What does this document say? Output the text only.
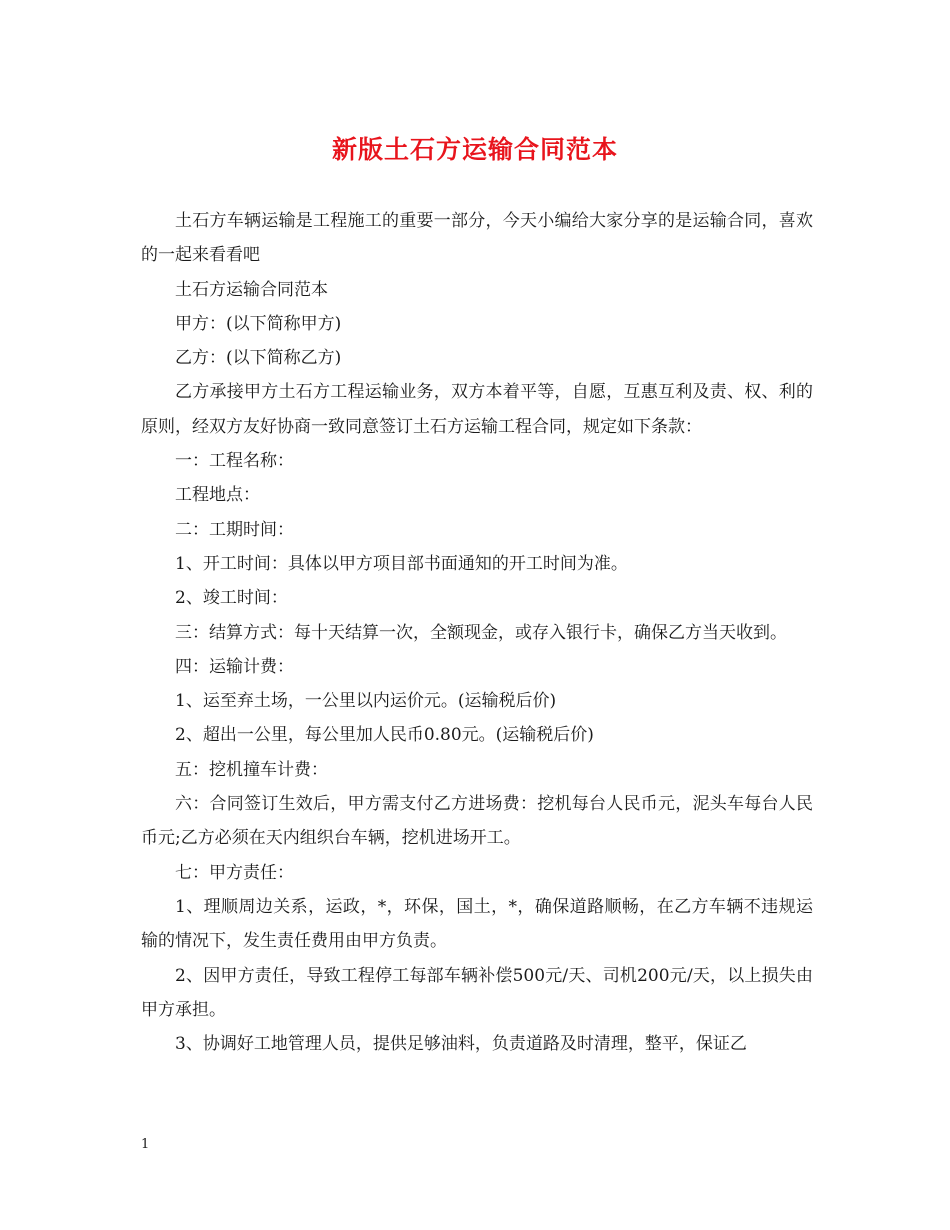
新版土石方运输合同范本

土石方车辆运输是工程施工的重要一部分，今天小编给大家分享的是运输合同，喜欢的一起来看看吧

土石方运输合同范本

甲方：(以下简称甲方)

乙方：(以下简称乙方)

乙方承接甲方土石方工程运输业务，双方本着平等，自愿，互惠互利及责、权、利的原则，经双方友好协商一致同意签订土石方运输工程合同，规定如下条款：

一：工程名称：

工程地点：

二：工期时间：

1、开工时间：具体以甲方项目部书面通知的开工时间为准。

2、竣工时间：

三：结算方式：每十天结算一次，全额现金，或存入银行卡，确保乙方当天收到。

四：运输计费：

1、运至弃土场，一公里以内运价元。(运输税后价)

2、超出一公里，每公里加人民币0.80元。(运输税后价)

五：挖机撞车计费：

六：合同签订生效后，甲方需支付乙方进场费：挖机每台人民币元，泥头车每台人民币元;乙方必须在天内组织台车辆，挖机进场开工。

七：甲方责任：

1、理顺周边关系，运政，*，环保，国土，*，确保道路顺畅，在乙方车辆不违规运输的情况下，发生责任费用由甲方负责。

2、因甲方责任，导致工程停工每部车辆补偿500元/天、司机200元/天，以上损失由甲方承担。

3、协调好工地管理人员，提供足够油料，负责道路及时清理，整平，保证乙

1
